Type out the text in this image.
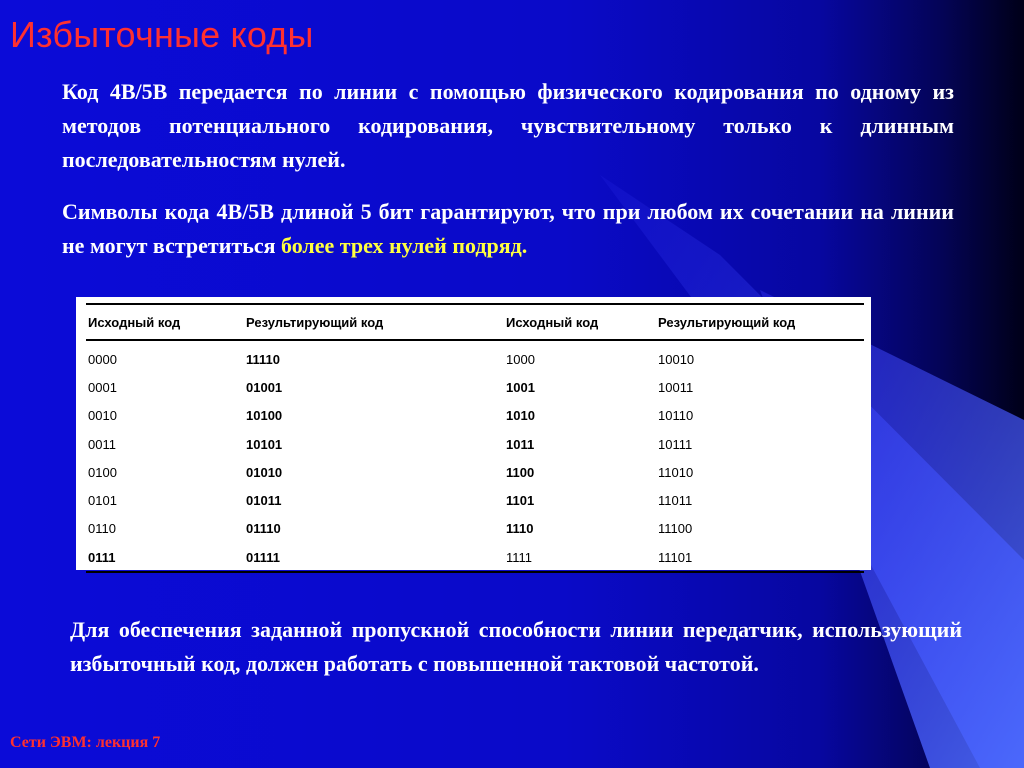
Избыточные коды

Код 4B/5B передается по линии с помощью физического кодирования по одному из методов потенциального кодирования, чувствительному только к длинным последовательностям нулей.

Символы кода 4B/5B длиной 5 бит гарантируют, что при любом их сочетании на линии не могут встретиться более трех нулей подряд.

Исходный код	Результирующий код	Исходный код	Результирующий код
0000	11110	1000	10010
0001	01001	1001	10011
0010	10100	1010	10110
0011	10101	1011	10111
0100	01010	1100	11010
0101	01011	1101	11011
0110	01110	1110	11100
0111	01111	1111	11101

Для обеспечения заданной пропускной способности линии передатчик, использующий избыточный код, должен работать с повышенной тактовой частотой.

Сети ЭВМ: лекция 7
